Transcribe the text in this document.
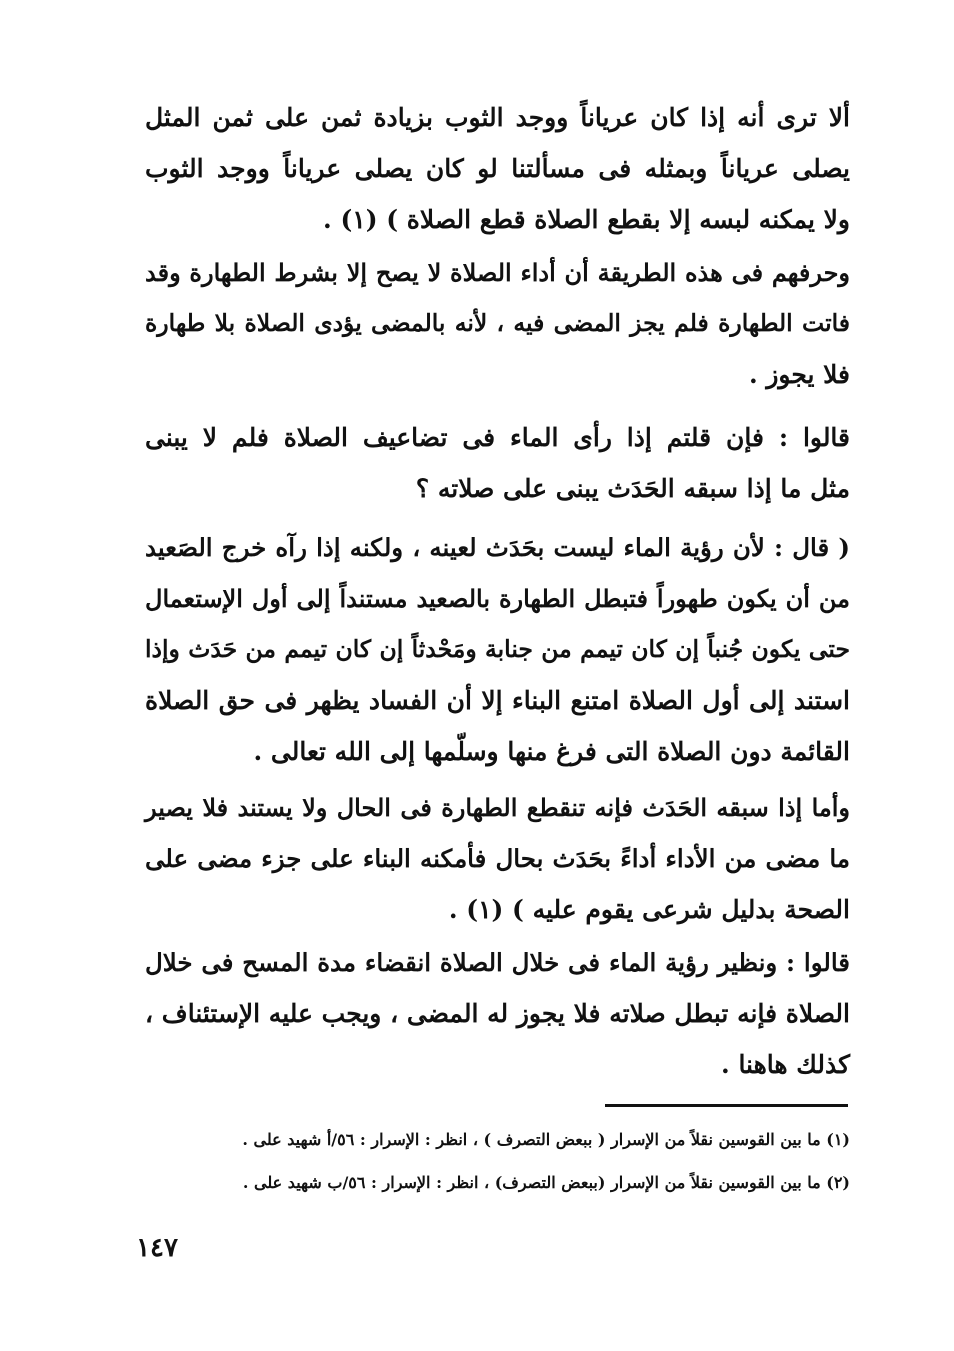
ألا ترى أنه إذا كان عرياناً ووجد الثوب بزيادة ثمن على ثمن المثل
يصلى عرياناً وبمثله فى مسألتنا لو كان يصلى عرياناً ووجد الثوب
ولا يمكنه لبسه إلا بقطع الصلاة قطع الصلاة ) (١) .
وحرفهم فى هذه الطريقة أن أداء الصلاة لا يصح إلا بشرط الطهارة وقد
فاتت الطهارة فلم يجز المضى فيه ، لأنه بالمضى يؤدى الصلاة بلا طهارة
فلا يجوز .
قالوا : فإن قلتم إذا رأى الماء فى تضاعيف الصلاة فلم لا يبنى
مثل ما إذا سبقه الحَدَث يبنى على صلاته ؟
( قال : لأن رؤية الماء ليست بحَدَث لعينه ، ولكنه إذا رآه خرج الصَعيد
من أن يكون طهوراً فتبطل الطهارة بالصعيد مستنداً إلى أول الإستعمال
حتى يكون جُنباً إن كان تيمم من جنابة ومَحْدثاً إن كان تيمم من حَدَث وإذا
استند إلى أول الصلاة امتنع البناء إلا أن الفساد يظهر فى حق الصلاة
القائمة دون الصلاة التى فرغ منها وسلّمها إلى الله تعالى .
وأما إذا سبقه الحَدَث فإنه تنقطع الطهارة فى الحال ولا يستند فلا يصير
ما مضى من الأداء أداءً بحَدَث بحال فأمكنه البناء على جزء مضى على
الصحة بدليل شرعى يقوم عليه ) (١) .
قالوا : ونظير رؤية الماء فى خلال الصلاة انقضاء مدة المسح فى خلال
الصلاة فإنه تبطل صلاته فلا يجوز له المضى ، ويجب عليه الإستئناف ،
كذلك هاهنا .
(١) ما بين القوسين نقلاً من الإسرار ( ببعض التصرف ) ، انظر : الإسرار : ٥٦/أ شهيد على .
(٢) ما بين القوسين نقلاً من الإسرار (ببعض التصرف) ، انظر : الإسرار : ٥٦/ب شهيد على .
١٤٧
